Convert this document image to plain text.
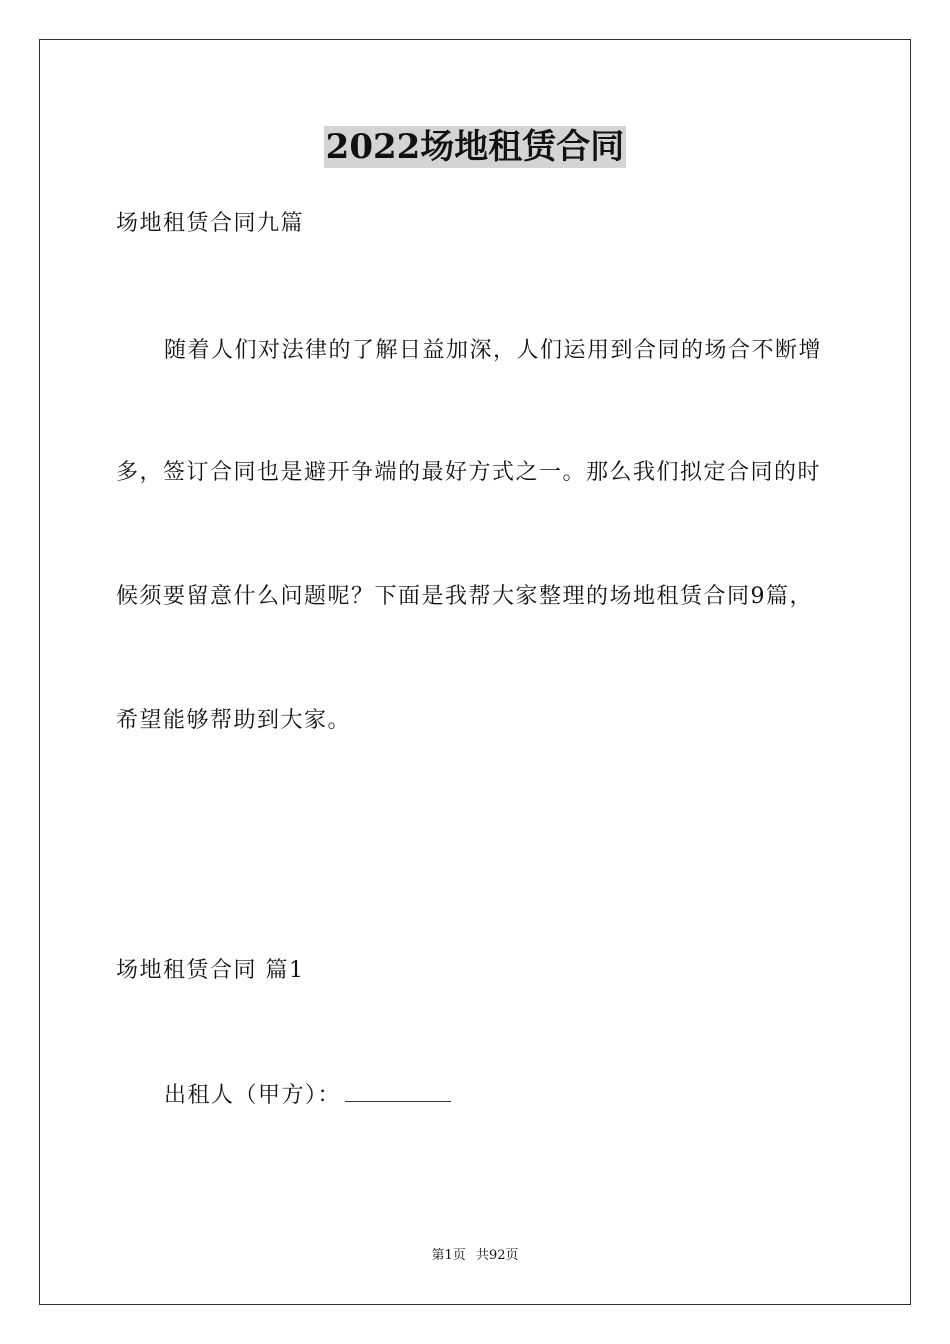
2022场地租赁合同
场地租赁合同九篇
随着人们对法律的了解日益加深，人们运用到合同的场合不断增
多，签订合同也是避开争端的最好方式之一。那么我们拟定合同的时
候须要留意什么问题呢？下面是我帮大家整理的场地租赁合同9篇，
希望能够帮助到大家。
场地租赁合同 篇1
出租人（甲方）：
第1页 共92页
